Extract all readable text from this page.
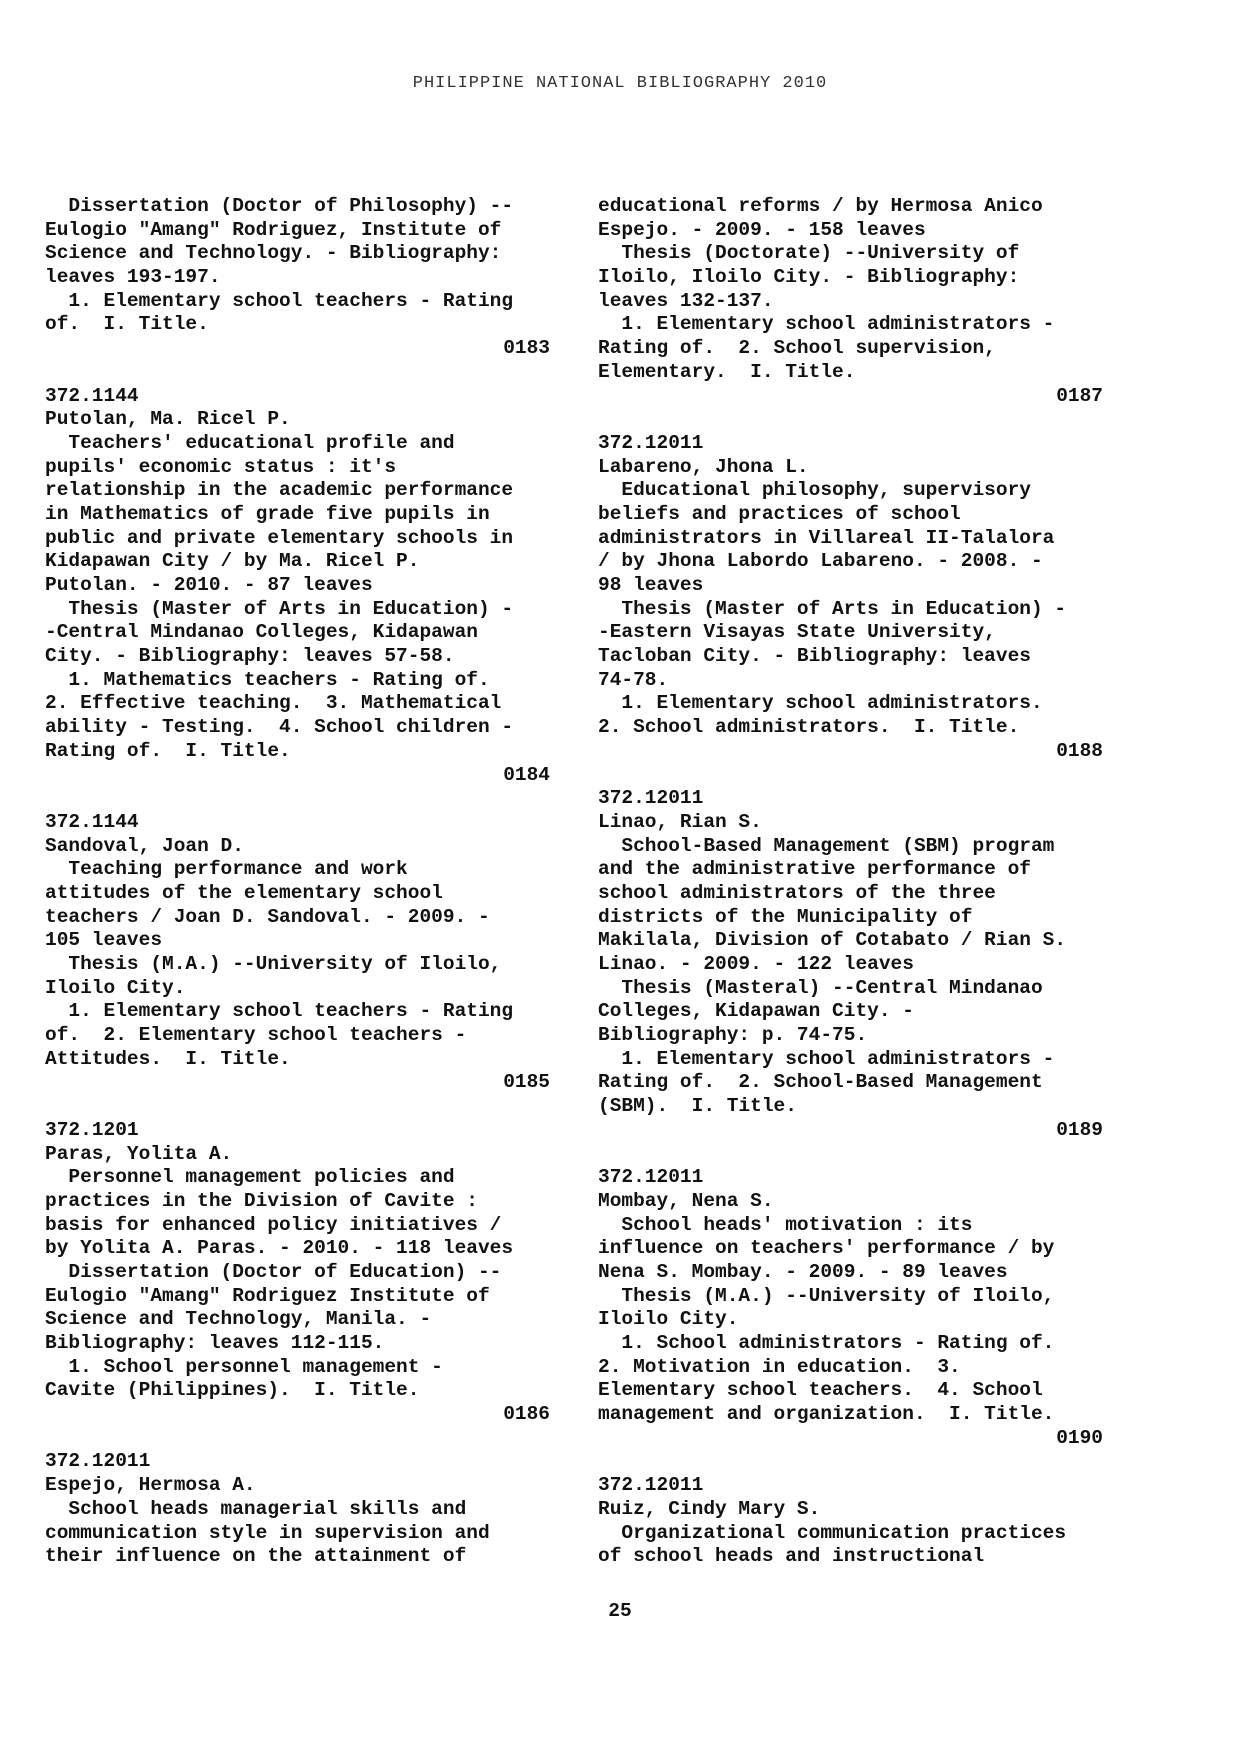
PHILIPPINE NATIONAL BIBLIOGRAPHY 2010
Dissertation (Doctor of Philosophy) --
Eulogio "Amang" Rodriguez, Institute of
Science and Technology. - Bibliography:
leaves 193-197.
1. Elementary school teachers - Rating
of.  I. Title.
0183
372.1144
Putolan, Ma. Ricel P.
Teachers' educational profile and
pupils' economic status : it's
relationship in the academic performance
in Mathematics of grade five pupils in
public and private elementary schools in
Kidapawan City / by Ma. Ricel P.
Putolan. - 2010. - 87 leaves
Thesis (Master of Arts in Education) -
-Central Mindanao Colleges, Kidapawan
City. - Bibliography: leaves 57-58.
1. Mathematics teachers - Rating of.
2. Effective teaching.  3. Mathematical
ability - Testing.  4. School children -
Rating of.  I. Title.
0184
372.1144
Sandoval, Joan D.
Teaching performance and work
attitudes of the elementary school
teachers / Joan D. Sandoval. - 2009. -
105 leaves
Thesis (M.A.) --University of Iloilo,
Iloilo City.
1. Elementary school teachers - Rating
of.  2. Elementary school teachers -
Attitudes.  I. Title.
0185
372.1201
Paras, Yolita A.
Personnel management policies and
practices in the Division of Cavite :
basis for enhanced policy initiatives /
by Yolita A. Paras. - 2010. - 118 leaves
Dissertation (Doctor of Education) --
Eulogio "Amang" Rodriguez Institute of
Science and Technology, Manila. -
Bibliography: leaves 112-115.
1. School personnel management -
Cavite (Philippines).  I. Title.
0186
372.12011
Espejo, Hermosa A.
School heads managerial skills and
communication style in supervision and
their influence on the attainment of
educational reforms / by Hermosa Anico
Espejo. - 2009. - 158 leaves
Thesis (Doctorate) --University of
Iloilo, Iloilo City. - Bibliography:
leaves 132-137.
1. Elementary school administrators -
Rating of.  2. School supervision,
Elementary.  I. Title.
0187
372.12011
Labareno, Jhona L.
Educational philosophy, supervisory
beliefs and practices of school
administrators in Villareal II-Talalora
/ by Jhona Labordo Labareno. - 2008. -
98 leaves
Thesis (Master of Arts in Education) -
-Eastern Visayas State University,
Tacloban City. - Bibliography: leaves
74-78.
1. Elementary school administrators.
2. School administrators.  I. Title.
0188
372.12011
Linao, Rian S.
School-Based Management (SBM) program
and the administrative performance of
school administrators of the three
districts of the Municipality of
Makilala, Division of Cotabato / Rian S.
Linao. - 2009. - 122 leaves
Thesis (Masteral) --Central Mindanao
Colleges, Kidapawan City. -
Bibliography: p. 74-75.
1. Elementary school administrators -
Rating of.  2. School-Based Management
(SBM).  I. Title.
0189
372.12011
Mombay, Nena S.
School heads' motivation : its
influence on teachers' performance / by
Nena S. Mombay. - 2009. - 89 leaves
Thesis (M.A.) --University of Iloilo,
Iloilo City.
1. School administrators - Rating of.
2. Motivation in education.  3.
Elementary school teachers.  4. School
management and organization.  I. Title.
0190
372.12011
Ruiz, Cindy Mary S.
Organizational communication practices
of school heads and instructional
25
